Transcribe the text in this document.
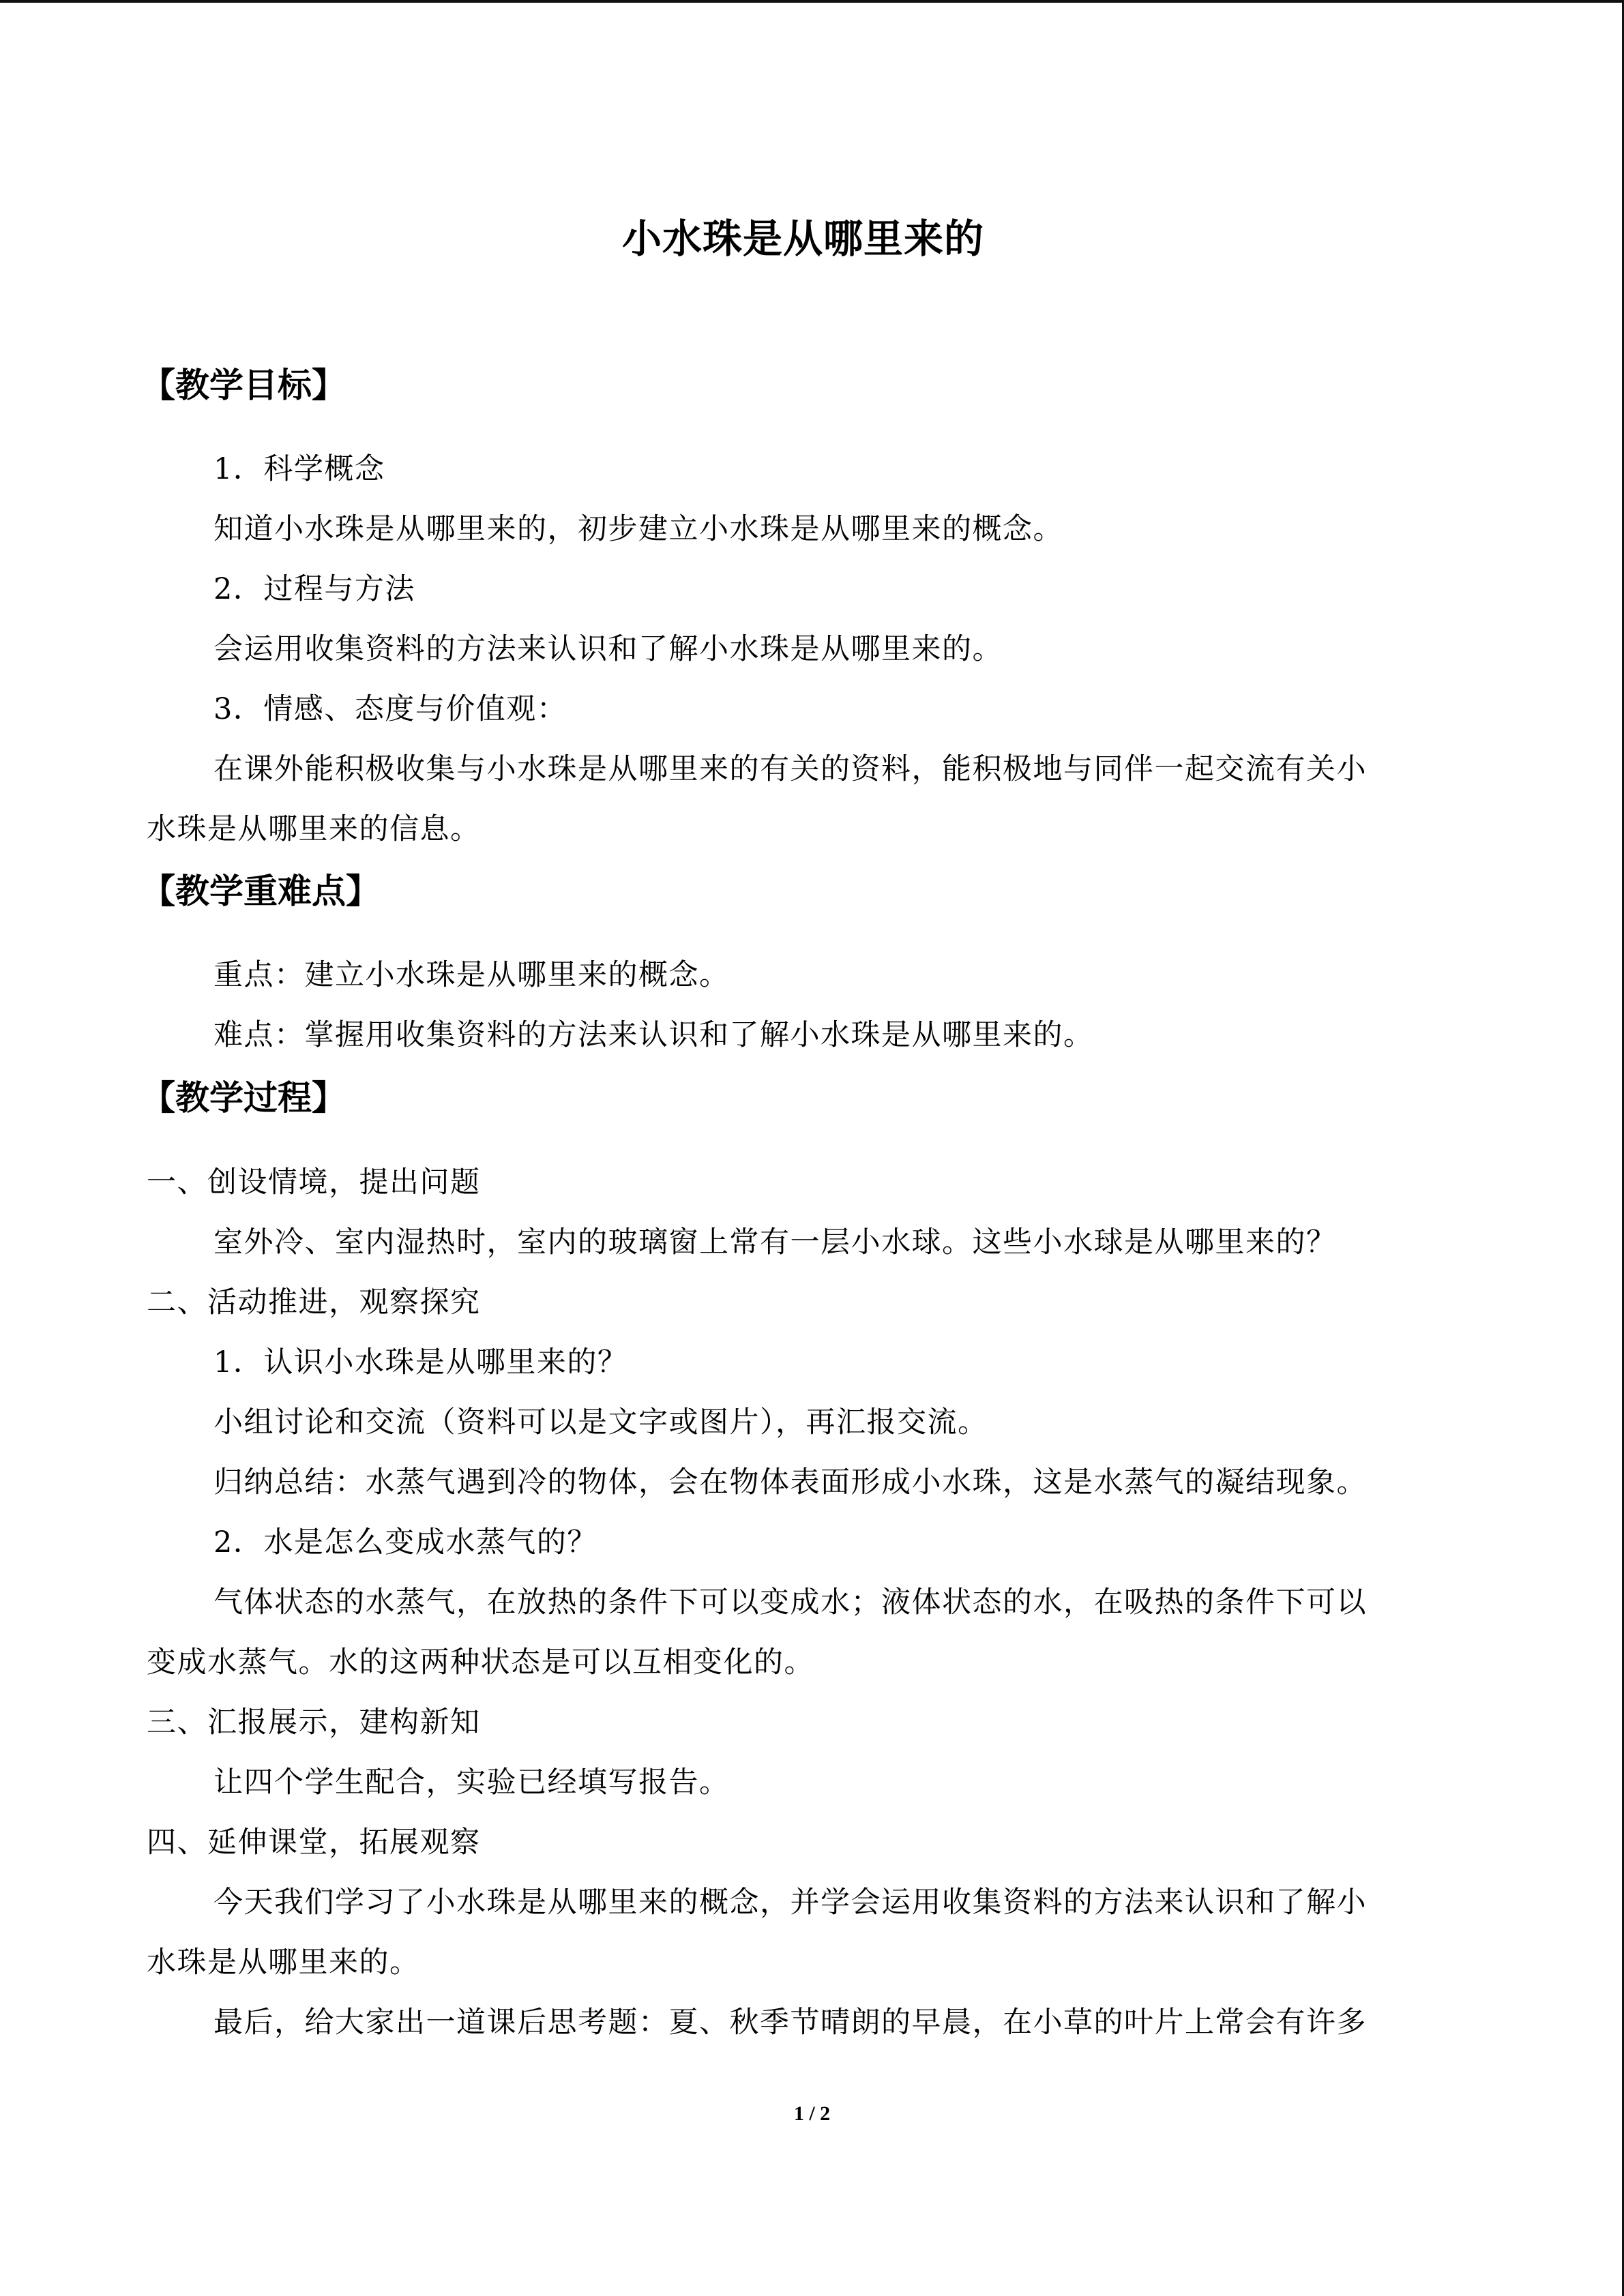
小水珠是从哪里来的
【教学目标】
1．科学概念
知道小水珠是从哪里来的，初步建立小水珠是从哪里来的概念。
2．过程与方法
会运用收集资料的方法来认识和了解小水珠是从哪里来的。
3．情感、态度与价值观：
在课外能积极收集与小水珠是从哪里来的有关的资料，能积极地与同伴一起交流有关小
水珠是从哪里来的信息。
【教学重难点】
重点：建立小水珠是从哪里来的概念。
难点：掌握用收集资料的方法来认识和了解小水珠是从哪里来的。
【教学过程】
一、创设情境，提出问题
室外冷、室内湿热时，室内的玻璃窗上常有一层小水球。这些小水球是从哪里来的？
二、活动推进，观察探究
1．认识小水珠是从哪里来的？
小组讨论和交流（资料可以是文字或图片），再汇报交流。
归纳总结：水蒸气遇到冷的物体，会在物体表面形成小水珠，这是水蒸气的凝结现象。
2．水是怎么变成水蒸气的？
气体状态的水蒸气，在放热的条件下可以变成水；液体状态的水，在吸热的条件下可以
变成水蒸气。水的这两种状态是可以互相变化的。
三、汇报展示，建构新知
让四个学生配合，实验已经填写报告。
四、延伸课堂，拓展观察
今天我们学习了小水珠是从哪里来的概念，并学会运用收集资料的方法来认识和了解小
水珠是从哪里来的。
最后，给大家出一道课后思考题：夏、秋季节晴朗的早晨，在小草的叶片上常会有许多
1 / 2
